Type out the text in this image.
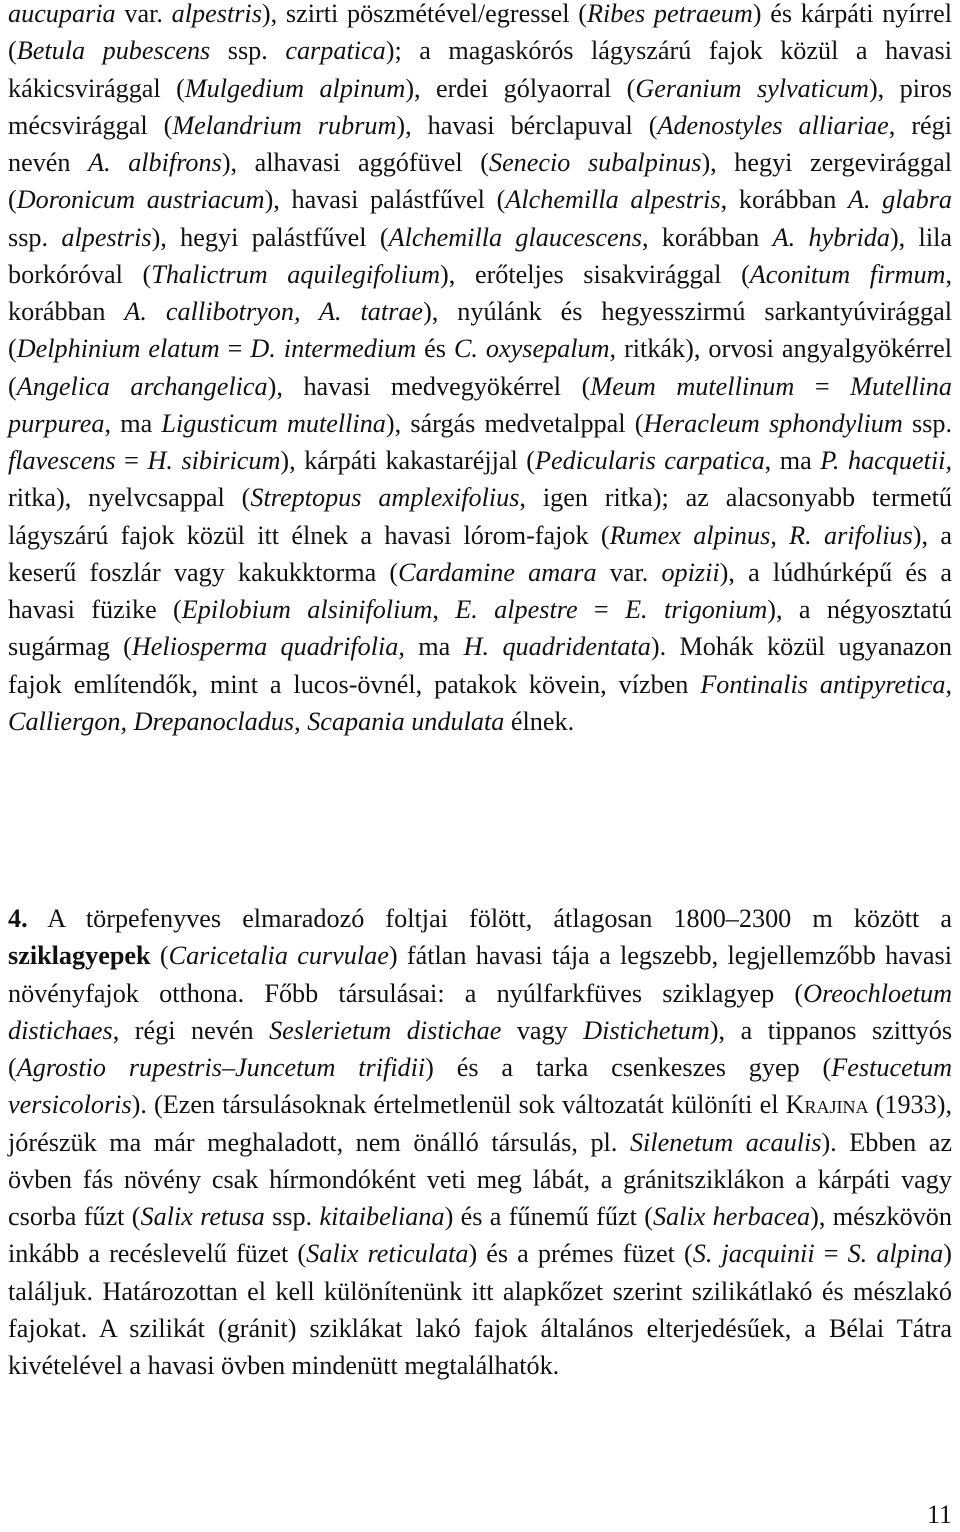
aucuparia var. alpestris), szirti pöszmétével/egressel (Ribes petraeum) és kárpáti nyírrel (Betula pubescens ssp. carpatica); a magaskórós lágyszárú fajok közül a havasi kákicsvirággal (Mulgedium alpinum), erdei gólyaorral (Geranium sylvaticum), piros mécsvirággal (Melandrium rubrum), havasi bérclapuval (Adenostyles alliariae, régi nevén A. albifrons), alhavasi aggófüvel (Senecio subalpinus), hegyi zergevirággal (Doronicum austriacum), havasi palástfűvel (Alchemilla alpestris, korábban A. glabra ssp. alpestris), hegyi palástfűvel (Alchemilla glaucescens, korábban A. hybrida), lila borkóróval (Thalictrum aquilegifolium), erőteljes sisakvirággal (Aconitum firmum, korábban A. callibotryon, A. tatrae), nyúlánk és hegyesszirmú sarkantyúvirággal (Delphinium elatum = D. intermedium és C. oxysepalum, ritkák), orvosi angyalgyökérrel (Angelica archangelica), havasi medvegyökérrel (Meum mutellinum = Mutellina purpurea, ma Ligusticum mutellina), sárgás medvetalppal (Heracleum sphondylium ssp. flavescens = H. sibiricum), kárpáti kakastaréjjal (Pedicularis carpatica, ma P. hacquetii, ritka), nyelvcsappal (Streptopus amplexifolius, igen ritka); az alacsonyabb termetű lágyszárú fajok közül itt élnek a havasi lórom-fajok (Rumex alpinus, R. arifolius), a keserű foszlár vagy kakukktorma (Cardamine amara var. opizii), a lúdhúrképű és a havasi füzike (Epilobium alsinifolium, E. alpestre = E. trigonium), a négyosztatú sugármag (Heliosperma quadrifolia, ma H. quadridentata). Mohák közül ugyanazon fajok említendők, mint a lucos-övnél, patakok kövein, vízben Fontinalis antipyretica, Calliergon, Drepanocladus, Scapania undulata élnek.

4. A törpefenyves elmaradozó foltjai fölött, átlagosan 1800–2300 m között a sziklagyepek (Caricetalia curvulae) fátlan havasi tája a legszebb, legjellemzőbb havasi növényfajok otthona. Főbb társulásai: a nyúlfarkfüves sziklagyep (Oreochloetum distichaes, régi nevén Seslerietum distichae vagy Distichetum), a tippanos szittyós (Agrostio rupestris–Juncetum trifidii) és a tarka csenkeszes gyep (Festucetum versicoloris). (Ezen társulásoknak értelmetlenül sok változatát különíti el Krajina (1933), jórészük ma már meghaladott, nem önálló társulás, pl. Silenetum acaulis). Ebben az övben fás növény csak hírmondóként veti meg lábát, a gránitsziklákon a kárpáti vagy csorba fűzt (Salix retusa ssp. kitaibeliana) és a fűnemű fűzt (Salix herbacea), mészkövön inkább a recéslevelű füzet (Salix reticulata) és a prémes füzet (S. jacquinii = S. alpina) találjuk. Határozottan el kell különítenünk itt alapkőzet szerint szilikátlakó és mészlakó fajokat. A szilikát (gránit) sziklákat lakó fajok általános elterjedésűek, a Bélai Tátra kivételével a havasi övben mindenütt megtalálhatók.

11
